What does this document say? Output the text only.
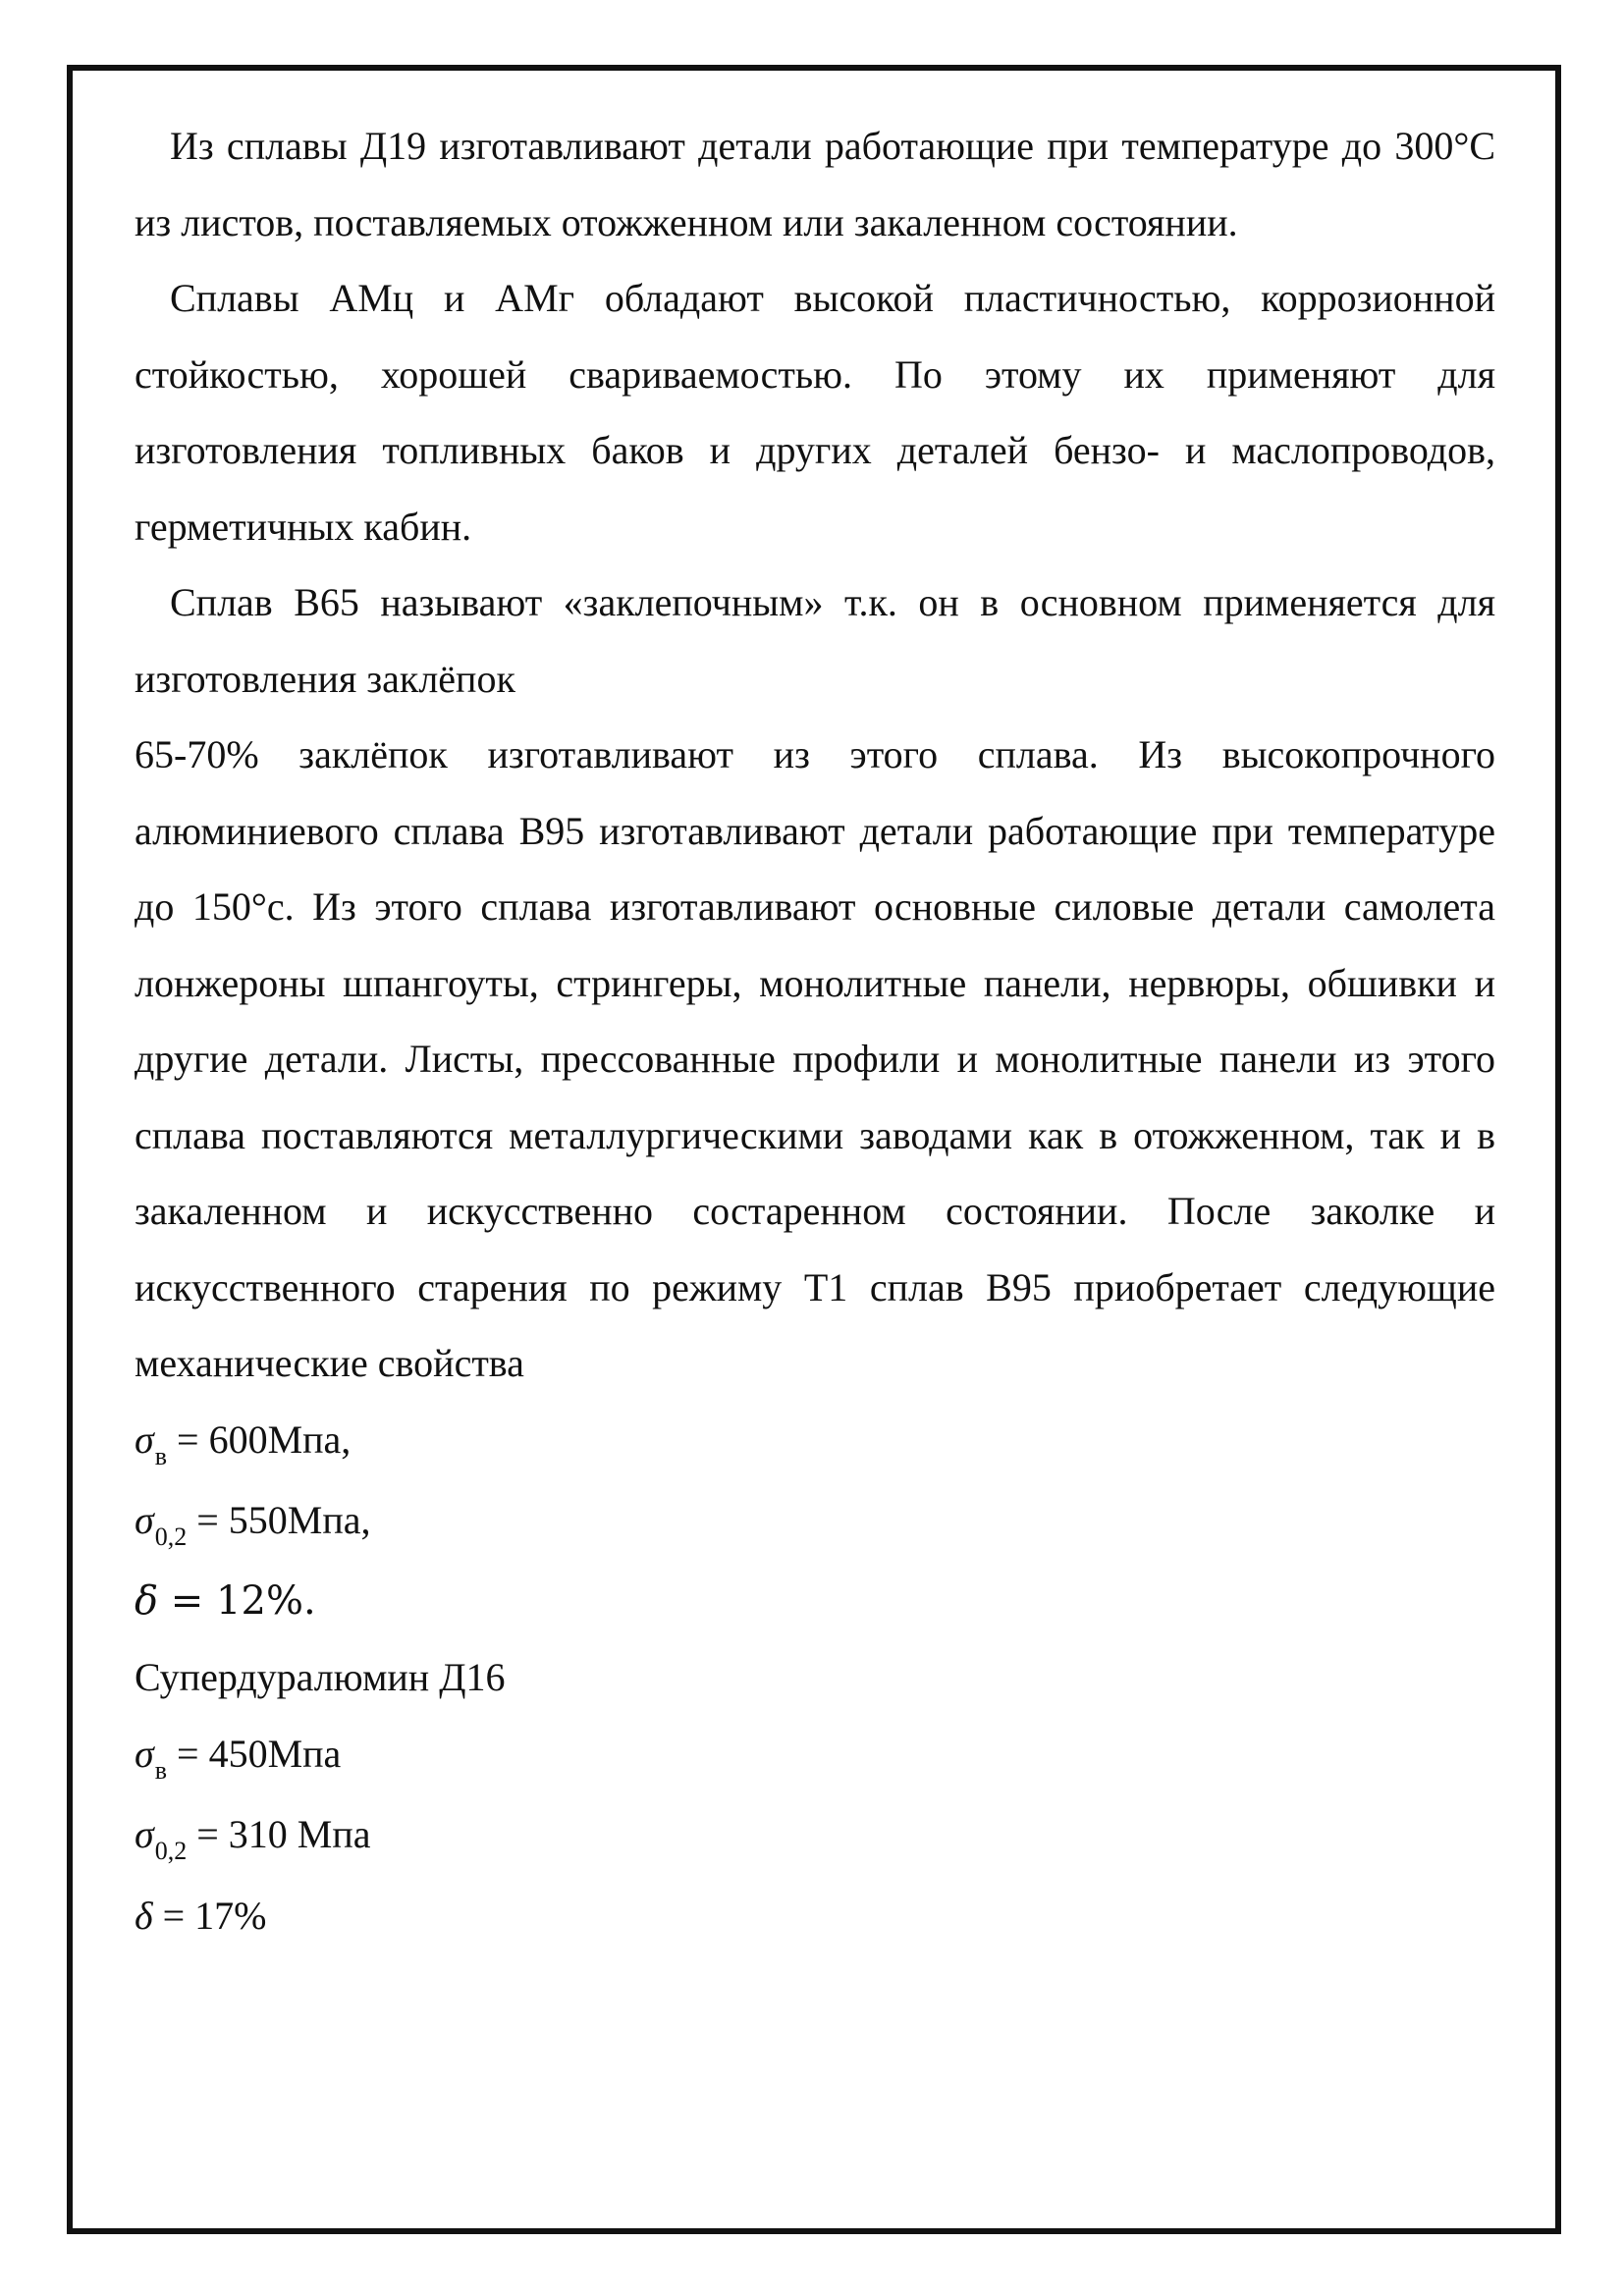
Из сплавы Д19 изготавливают детали работающие при температуре до 300°C из листов, поставляемых отожженном или закаленном состоянии.

Сплавы АМц и АМг обладают высокой пластичностью, коррозионной стойкостью, хорошей свариваемостью. По этому их применяют для изготовления топливных баков и других деталей бензо- и маслопроводов, герметичных кабин.

Сплав В65 называют «заклепочным» т.к. он в основном применяется для изготовления заклёпок

65-70% заклёпок изготавливают из этого сплава. Из высокопрочного алюминиевого сплава В95 изготавливают детали работающие при температуре до 150°с. Из этого сплава изготавливают основные силовые детали самолета лонжероны шпангоуты, стрингеры, монолитные панели, нервюры, обшивки и другие детали. Листы, прессованные профили и монолитные панели из этого сплава поставляются металлургическими заводами как в отожженном, так и в закаленном и искусственно состаренном состоянии. После заколке и искусственного старения по режиму Т1 сплав В95 приобретает следующие механические свойства

$\sigma_в = 600Мпа$,
$\sigma_{0,2} = 550Мпа$,
δ = 12%.

Супердуралюмин Д16

$\sigma_в = 450Мпа$
$\sigma_{0,2} = 310$ Мпа
δ = 17%
